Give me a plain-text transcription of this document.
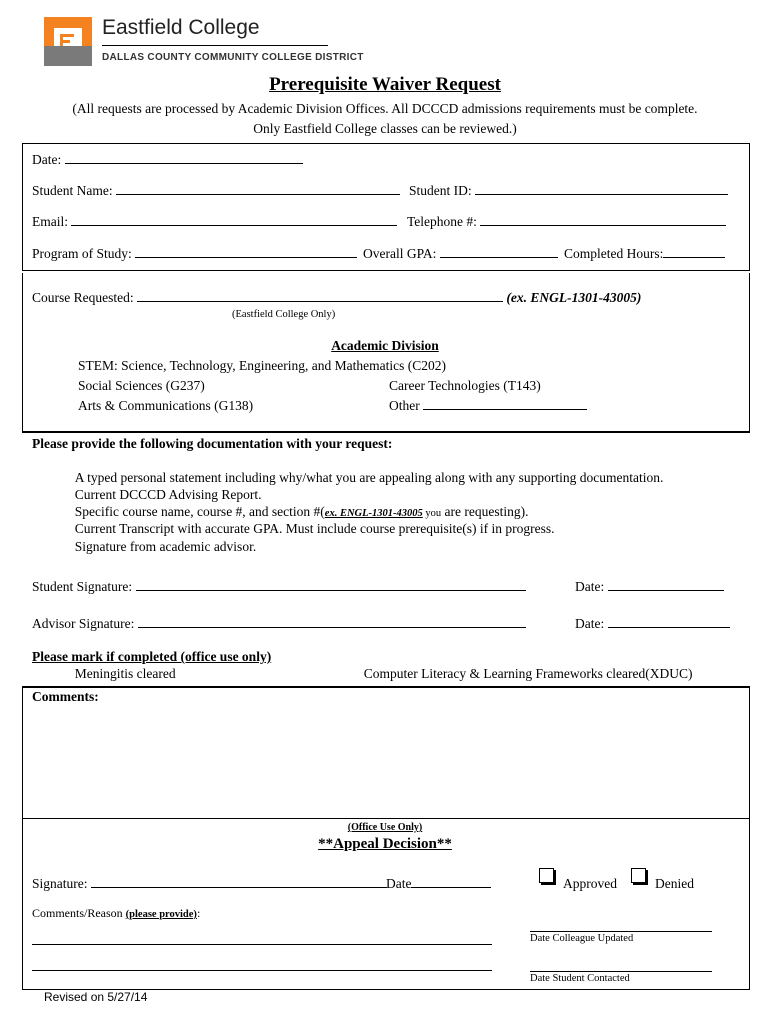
Eastfield College
DALLAS COUNTY COMMUNITY COLLEGE DISTRICT
Prerequisite Waiver Request
(All requests are processed by Academic Division Offices. All DCCCD admissions requirements must be complete.
Only Eastfield College classes can be reviewed.)
Date:
Student Name:	Student ID:
Email:	Telephone #:
Program of Study:	Overall GPA:	Completed Hours:
Course Requested:	(ex. ENGL-1301-43005)
(Eastfield College Only)
Academic Division
STEM: Science, Technology, Engineering, and Mathematics (C202)
Social Sciences (G237)	Career Technologies (T143)
Arts & Communications (G138)	Other
Please provide the following documentation with your request:
A typed personal statement including why/what you are appealing along with any supporting documentation.
Current DCCCD Advising Report.
Specific course name, course #, and section #(ex. ENGL-1301-43005 you are requesting).
Current Transcript with accurate GPA. Must include course prerequisite(s) if in progress.
Signature from academic advisor.
Student Signature:	Date:
Advisor Signature:	Date:
Please mark if completed (office use only)
Meningitis cleared	Computer Literacy & Learning Frameworks cleared(XDUC)
Comments:
(Office Use Only)
**Appeal Decision**
Signature:	Date	Approved	Denied
Comments/Reason (please provide):
Date Colleague Updated
Date Student Contacted
Revised on 5/27/14
